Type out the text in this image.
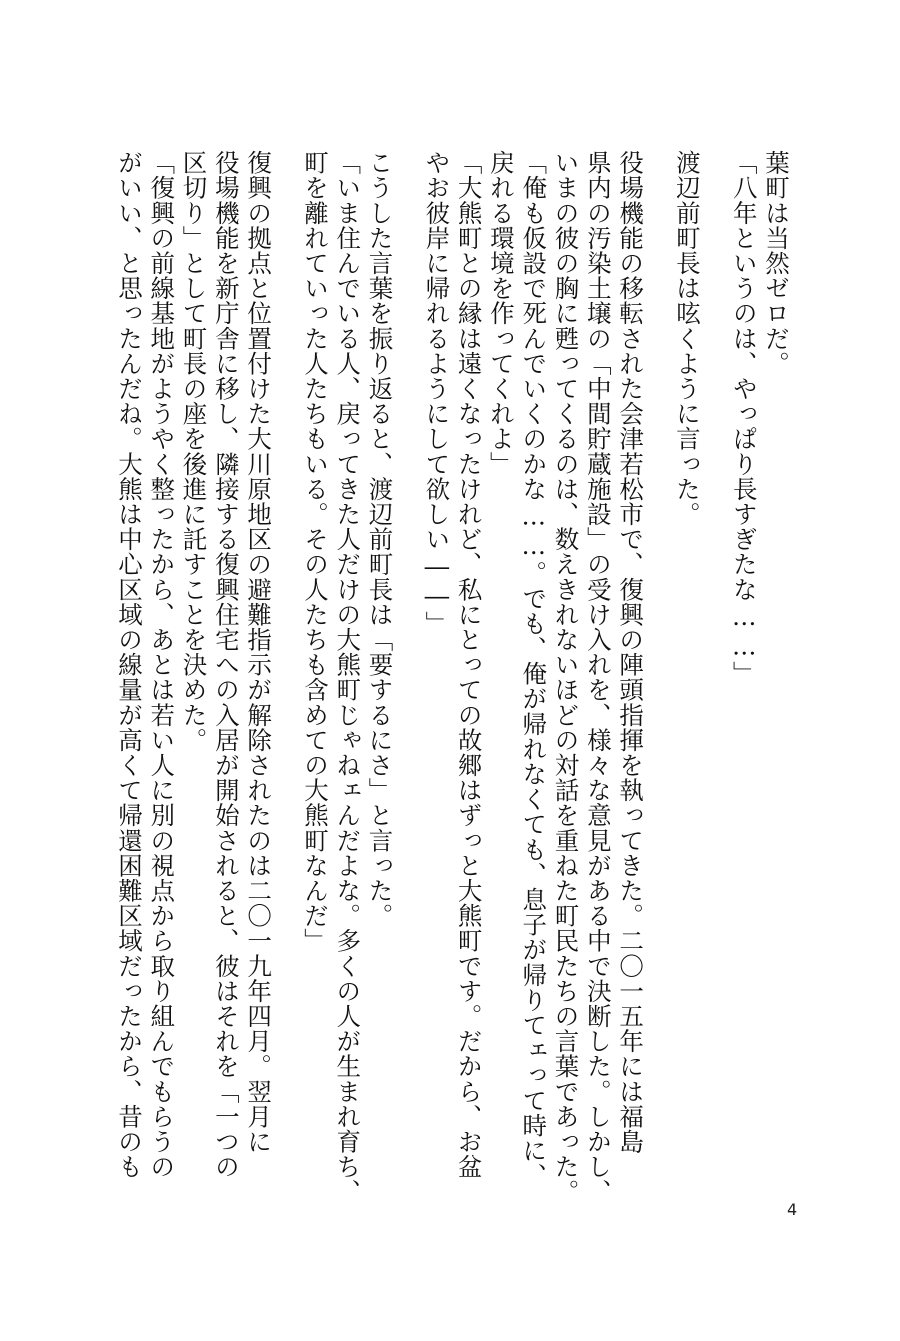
葉町は当然ゼロだ。
「八年というのは、やっぱり長すぎたな……」
渡辺前町長は呟くように言った。
役場機能の移転された会津若松市で、復興の陣頭指揮を執ってきた。二〇一五年には福島
県内の汚染土壌の「中間貯蔵施設」の受け入れを、様々な意見がある中で決断した。しかし、
いまの彼の胸に甦ってくるのは、数えきれないほどの対話を重ねた町民たちの言葉であった。
「俺も仮設で死んでいくのかな……。でも、俺が帰れなくても、息子が帰りてェって時に、
戻れる環境を作ってくれよ」
「大熊町との縁は遠くなったけれど、私にとっての故郷はずっと大熊町です。だから、お盆
やお彼岸に帰れるようにして欲しい――」
こうした言葉を振り返ると、渡辺前町長は「要するにさ」と言った。
「いま住んでいる人、戻ってきた人だけの大熊町じゃねェんだよな。多くの人が生まれ育ち、
町を離れていった人たちもいる。その人たちも含めての大熊町なんだ」
復興の拠点と位置付けた大川原地区の避難指示が解除されたのは二〇一九年四月。翌月に
役場機能を新庁舎に移し、隣接する復興住宅への入居が開始されると、彼はそれを「一つの
区切り」として町長の座を後進に託すことを決めた。
「復興の前線基地がようやく整ったから、あとは若い人に別の視点から取り組んでもらうの
がいい、と思ったんだね。大熊は中心区域の線量が高くて帰還困難区域だったから、昔のも
4
